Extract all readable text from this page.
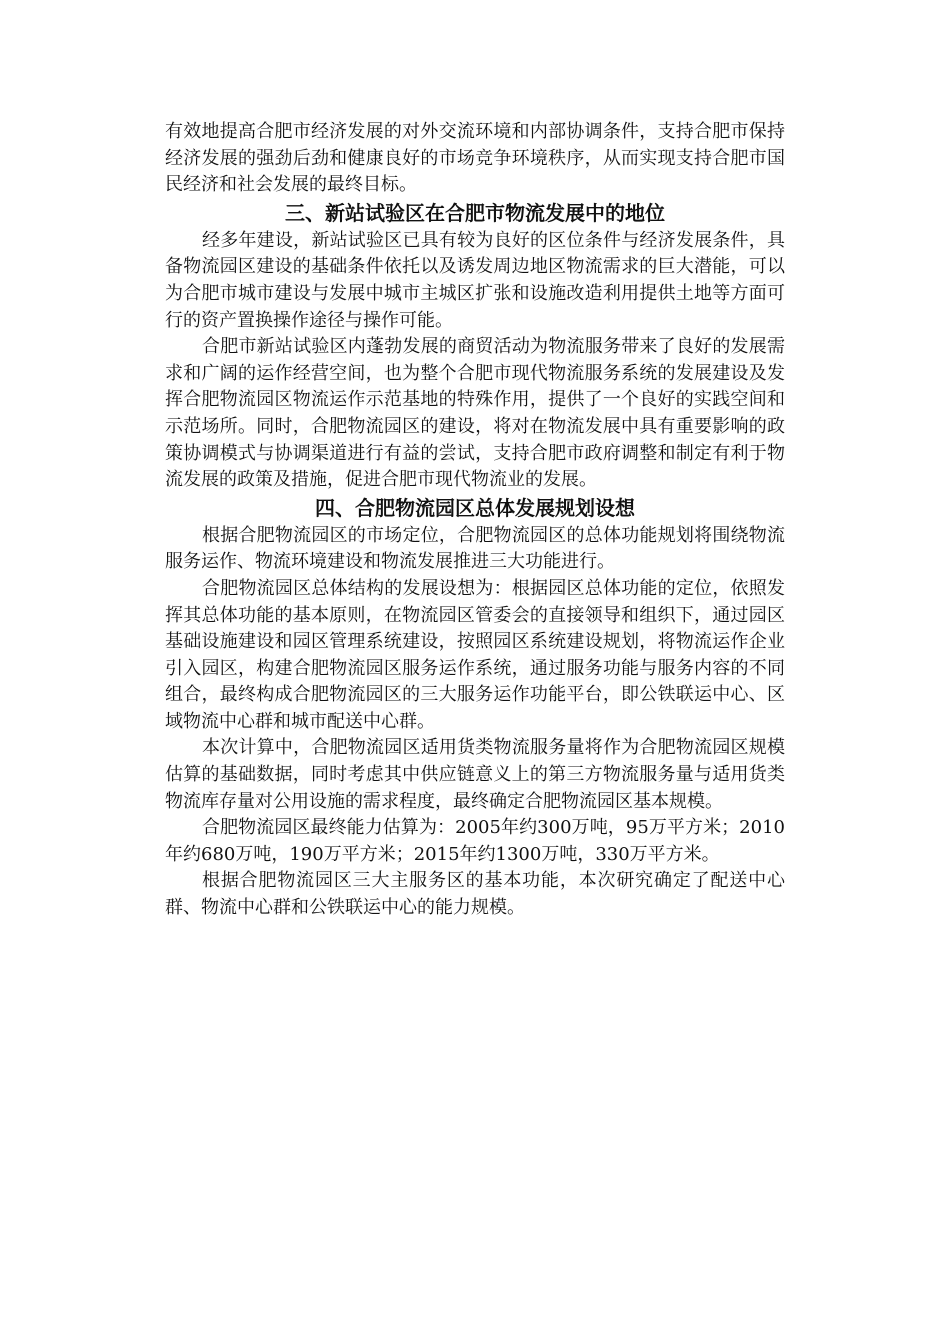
有效地提高合肥市经济发展的对外交流环境和内部协调条件，支持合肥市保持经济发展的强劲后劲和健康良好的市场竞争环境秩序，从而实现支持合肥市国民经济和社会发展的最终目标。

三、新站试验区在合肥市物流发展中的地位

经多年建设，新站试验区已具有较为良好的区位条件与经济发展条件，具备物流园区建设的基础条件依托以及诱发周边地区物流需求的巨大潜能，可以为合肥市城市建设与发展中城市主城区扩张和设施改造利用提供土地等方面可行的资产置换操作途径与操作可能。

合肥市新站试验区内蓬勃发展的商贸活动为物流服务带来了良好的发展需求和广阔的运作经营空间，也为整个合肥市现代物流服务系统的发展建设及发挥合肥物流园区物流运作示范基地的特殊作用，提供了一个良好的实践空间和示范场所。同时，合肥物流园区的建设，将对在物流发展中具有重要影响的政策协调模式与协调渠道进行有益的尝试，支持合肥市政府调整和制定有利于物流发展的政策及措施，促进合肥市现代物流业的发展。

四、合肥物流园区总体发展规划设想

根据合肥物流园区的市场定位，合肥物流园区的总体功能规划将围绕物流服务运作、物流环境建设和物流发展推进三大功能进行。

合肥物流园区总体结构的发展设想为：根据园区总体功能的定位，依照发挥其总体功能的基本原则，在物流园区管委会的直接领导和组织下，通过园区基础设施建设和园区管理系统建设，按照园区系统建设规划，将物流运作企业引入园区，构建合肥物流园区服务运作系统，通过服务功能与服务内容的不同组合，最终构成合肥物流园区的三大服务运作功能平台，即公铁联运中心、区域物流中心群和城市配送中心群。

本次计算中，合肥物流园区适用货类物流服务量将作为合肥物流园区规模估算的基础数据，同时考虑其中供应链意义上的第三方物流服务量与适用货类物流库存量对公用设施的需求程度，最终确定合肥物流园区基本规模。

合肥物流园区最终能力估算为：2005年约300万吨，95万平方米；2010年约680万吨，190万平方米；2015年约1300万吨，330万平方米。

根据合肥物流园区三大主服务区的基本功能，本次研究确定了配送中心群、物流中心群和公铁联运中心的能力规模。
